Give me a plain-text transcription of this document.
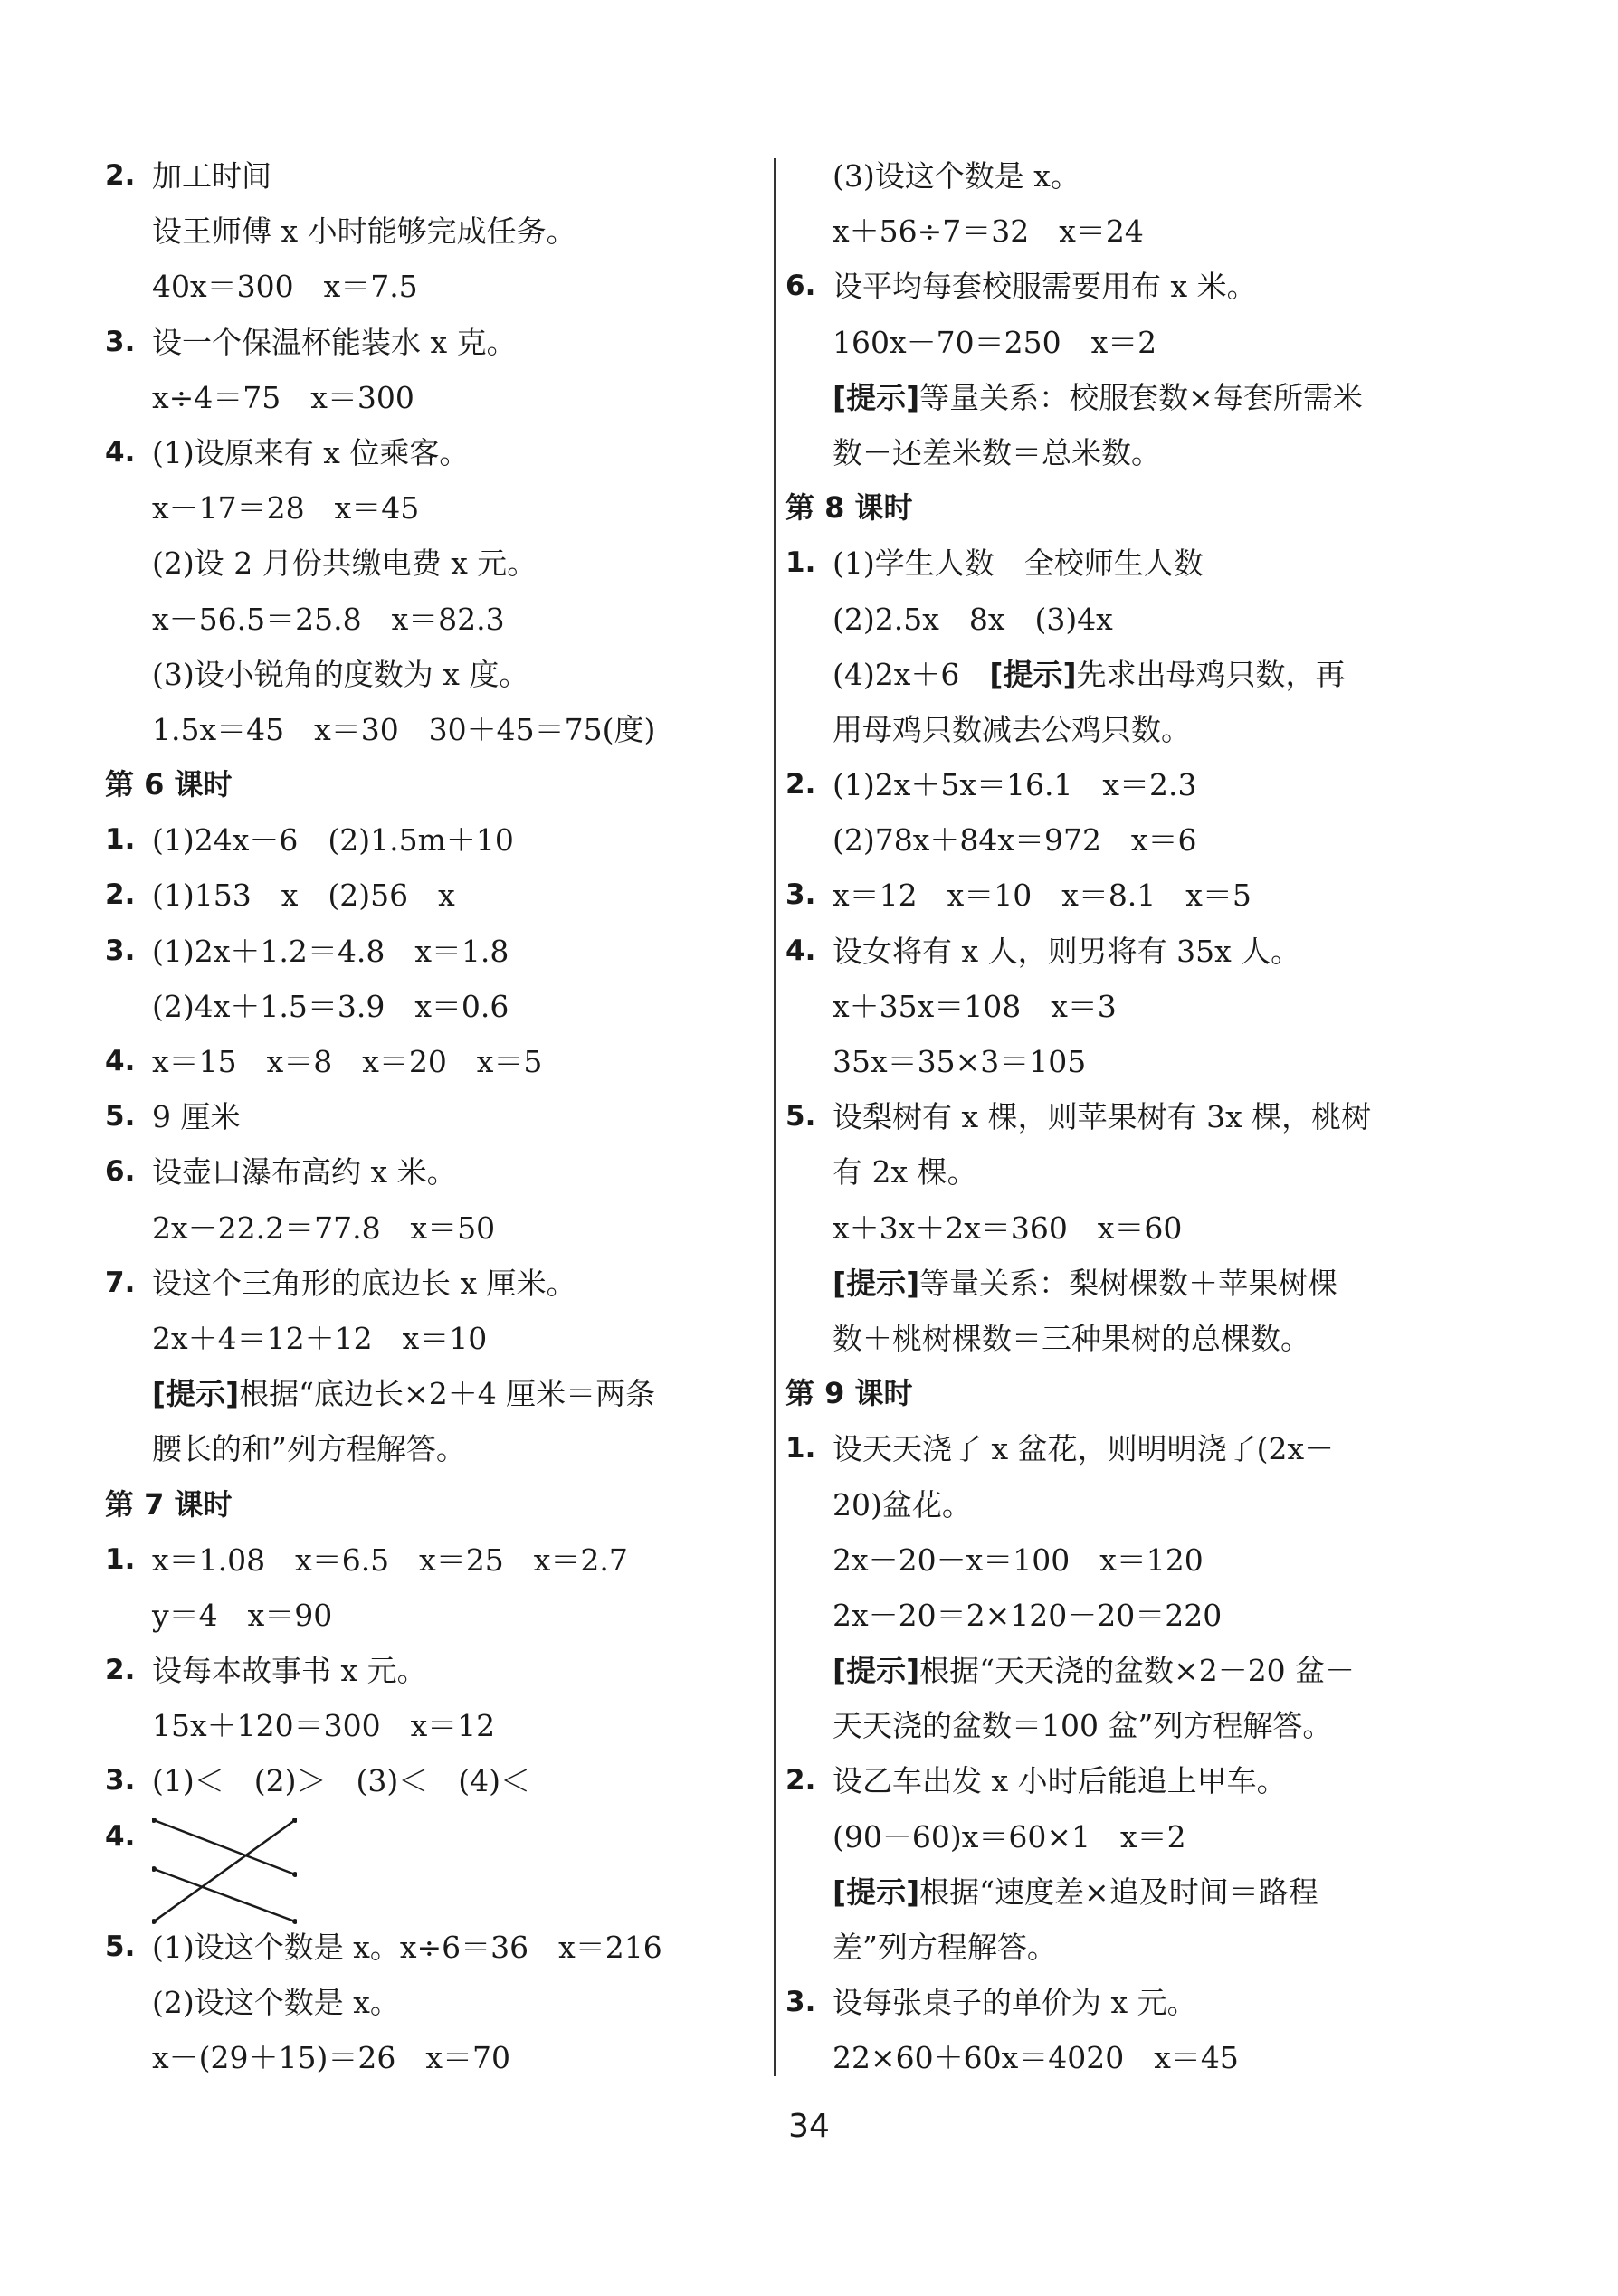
2. 加工时间
设王师傅 x 小时能够完成任务。
40x＝300　x＝7.5
3. 设一个保温杯能装水 x 克。
x÷4＝75　x＝300
4. (1)设原来有 x 位乘客。
x－17＝28　x＝45
(2)设 2 月份共缴电费 x 元。
x－56.5＝25.8　x＝82.3
(3)设小锐角的度数为 x 度。
1.5x＝45　x＝30　30＋45＝75(度)
第 6 课时
1. (1)24x－6　(2)1.5m＋10
2. (1)153　x　(2)56　x
3. (1)2x＋1.2＝4.8　x＝1.8
(2)4x＋1.5＝3.9　x＝0.6
4. x＝15　x＝8　x＝20　x＝5
5. 9 厘米
6. 设壶口瀑布高约 x 米。
2x－22.2＝77.8　x＝50
7. 设这个三角形的底边长 x 厘米。
2x＋4＝12＋12　x＝10
[提示]根据“底边长×2＋4 厘米＝两条
腰长的和”列方程解答。
第 7 课时
1. x＝1.08　x＝6.5　x＝25　x＝2.7
y＝4　x＝90
2. 设每本故事书 x 元。
15x＋120＝300　x＝12
3. (1)＜　(2)＞　(3)＜　(4)＜
4.
5. (1)设这个数是 x。x÷6＝36　x＝216
(2)设这个数是 x。
x－(29＋15)＝26　x＝70
(3)设这个数是 x。
x＋56÷7＝32　x＝24
6. 设平均每套校服需要用布 x 米。
160x－70＝250　x＝2
[提示]等量关系：校服套数×每套所需米
数－还差米数＝总米数。
第 8 课时
1. (1)学生人数　全校师生人数
(2)2.5x　8x　(3)4x
(4)2x＋6　[提示]先求出母鸡只数，再
用母鸡只数减去公鸡只数。
2. (1)2x＋5x＝16.1　x＝2.3
(2)78x＋84x＝972　x＝6
3. x＝12　x＝10　x＝8.1　x＝5
4. 设女将有 x 人，则男将有 35x 人。
x＋35x＝108　x＝3
35x＝35×3＝105
5. 设梨树有 x 棵，则苹果树有 3x 棵，桃树
有 2x 棵。
x＋3x＋2x＝360　x＝60
[提示]等量关系：梨树棵数＋苹果树棵
数＋桃树棵数＝三种果树的总棵数。
第 9 课时
1. 设天天浇了 x 盆花，则明明浇了(2x－
20)盆花。
2x－20－x＝100　x＝120
2x－20＝2×120－20＝220
[提示]根据“天天浇的盆数×2－20 盆－
天天浇的盆数＝100 盆”列方程解答。
2. 设乙车出发 x 小时后能追上甲车。
(90－60)x＝60×1　x＝2
[提示]根据“速度差×追及时间＝路程
差”列方程解答。
3. 设每张桌子的单价为 x 元。
22×60＋60x＝4020　x＝45
34
